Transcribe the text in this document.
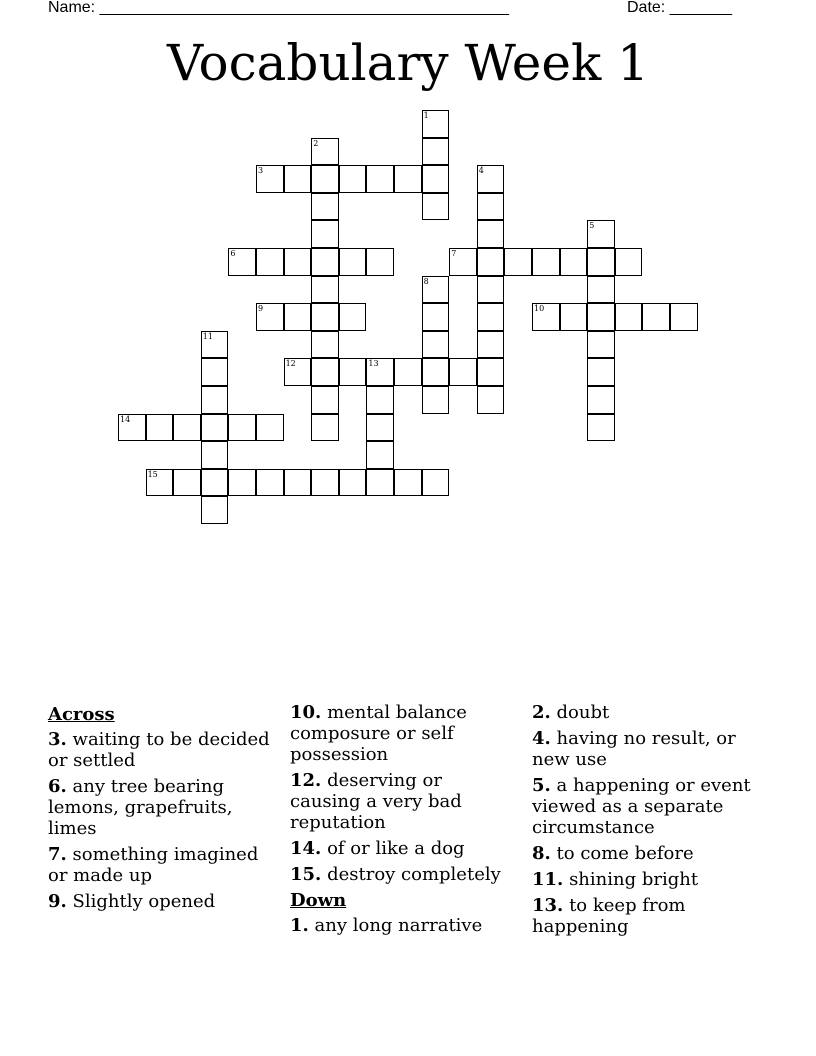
Name: ______________________________________________	Date: _______
Vocabulary Week 1
3
6	7
9	10
12	13
14
15
1
2
4
5
8
11
Across
3. waiting to be decided or settled
6. any tree bearing lemons, grapefruits, limes
7. something imagined or made up
9. Slightly opened
10. mental balance composure or self possession
12. deserving or causing a very bad reputation
14. of or like a dog
15. destroy completely
Down
1. any long narrative
2. doubt
4. having no result, or new use
5. a happening or event viewed as a separate circumstance
8. to come before
11. shining bright
13. to keep from happening
